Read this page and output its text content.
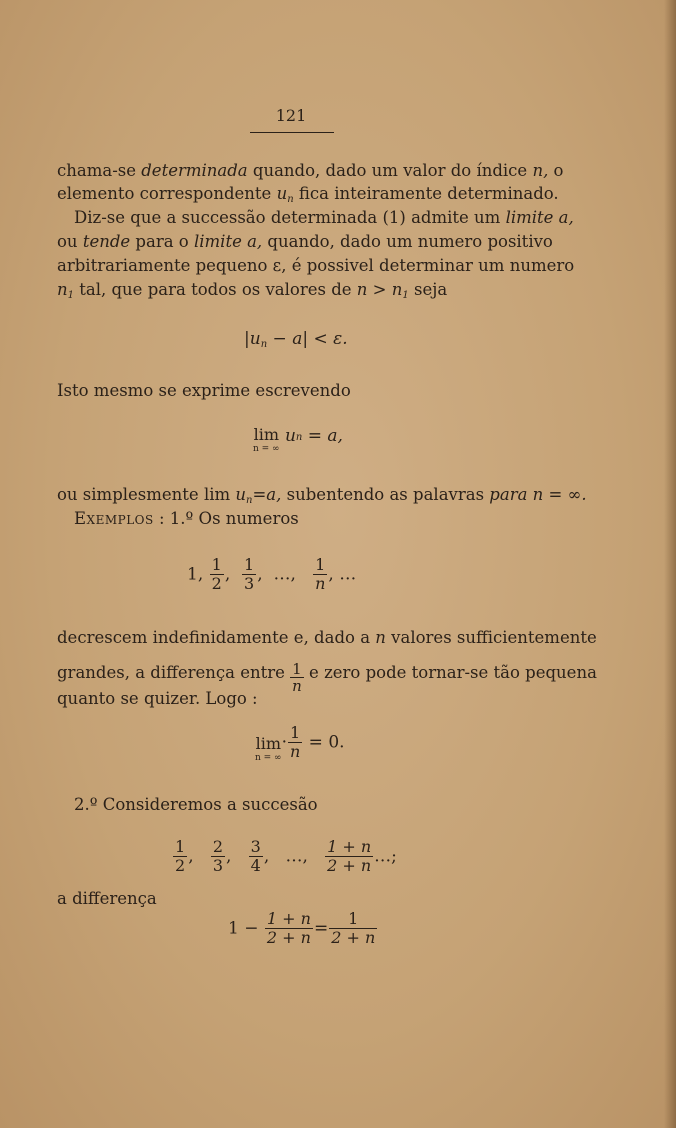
121
chama-se determinada quando, dado um valor do índice n, o
elemento correspondente $u_n$ fica inteiramente determinado.
Diz-se que a successão determinada (1) admite um limite a,
ou tende para o limite a, quando, dado um numero positivo
arbitrariamente pequeno ε, é possivel determinar um numero
$n_1$ tal, que para todos os valores de $n > n_1$ seja
$|u_n - a| < \varepsilon$.
Isto mesmo se exprime escrevendo
lim
n = ∞
$u^n = a$,
ou simplesmente $\lim u_n=a$, subentendo as palavras para n = ∞.
Exemplos : 1.º Os numeros
1, $\frac{1}{2}$ , $\frac{1}{3}$ ,  …, $\frac{1}{n}$ , …
decrescem indefinidamente e, dado a n valores sufficientemente
grandes, a differença entre $\frac{1}{n}$ e zero pode tornar-se tão pequena
quanto se quizer. Logo :
lim
n = ∞
· $\frac{1}{n} = 0$.
2.º Consideremos a succesão
$\frac{1}{2}$ , $\frac{2}{3}$ , $\frac{3}{4}$ ,   …, $\frac{1 + n}{2 + n}$ …;
a differença
$1 - \frac{1 + n}{2 + n} = \frac{1}{2 + n}$
